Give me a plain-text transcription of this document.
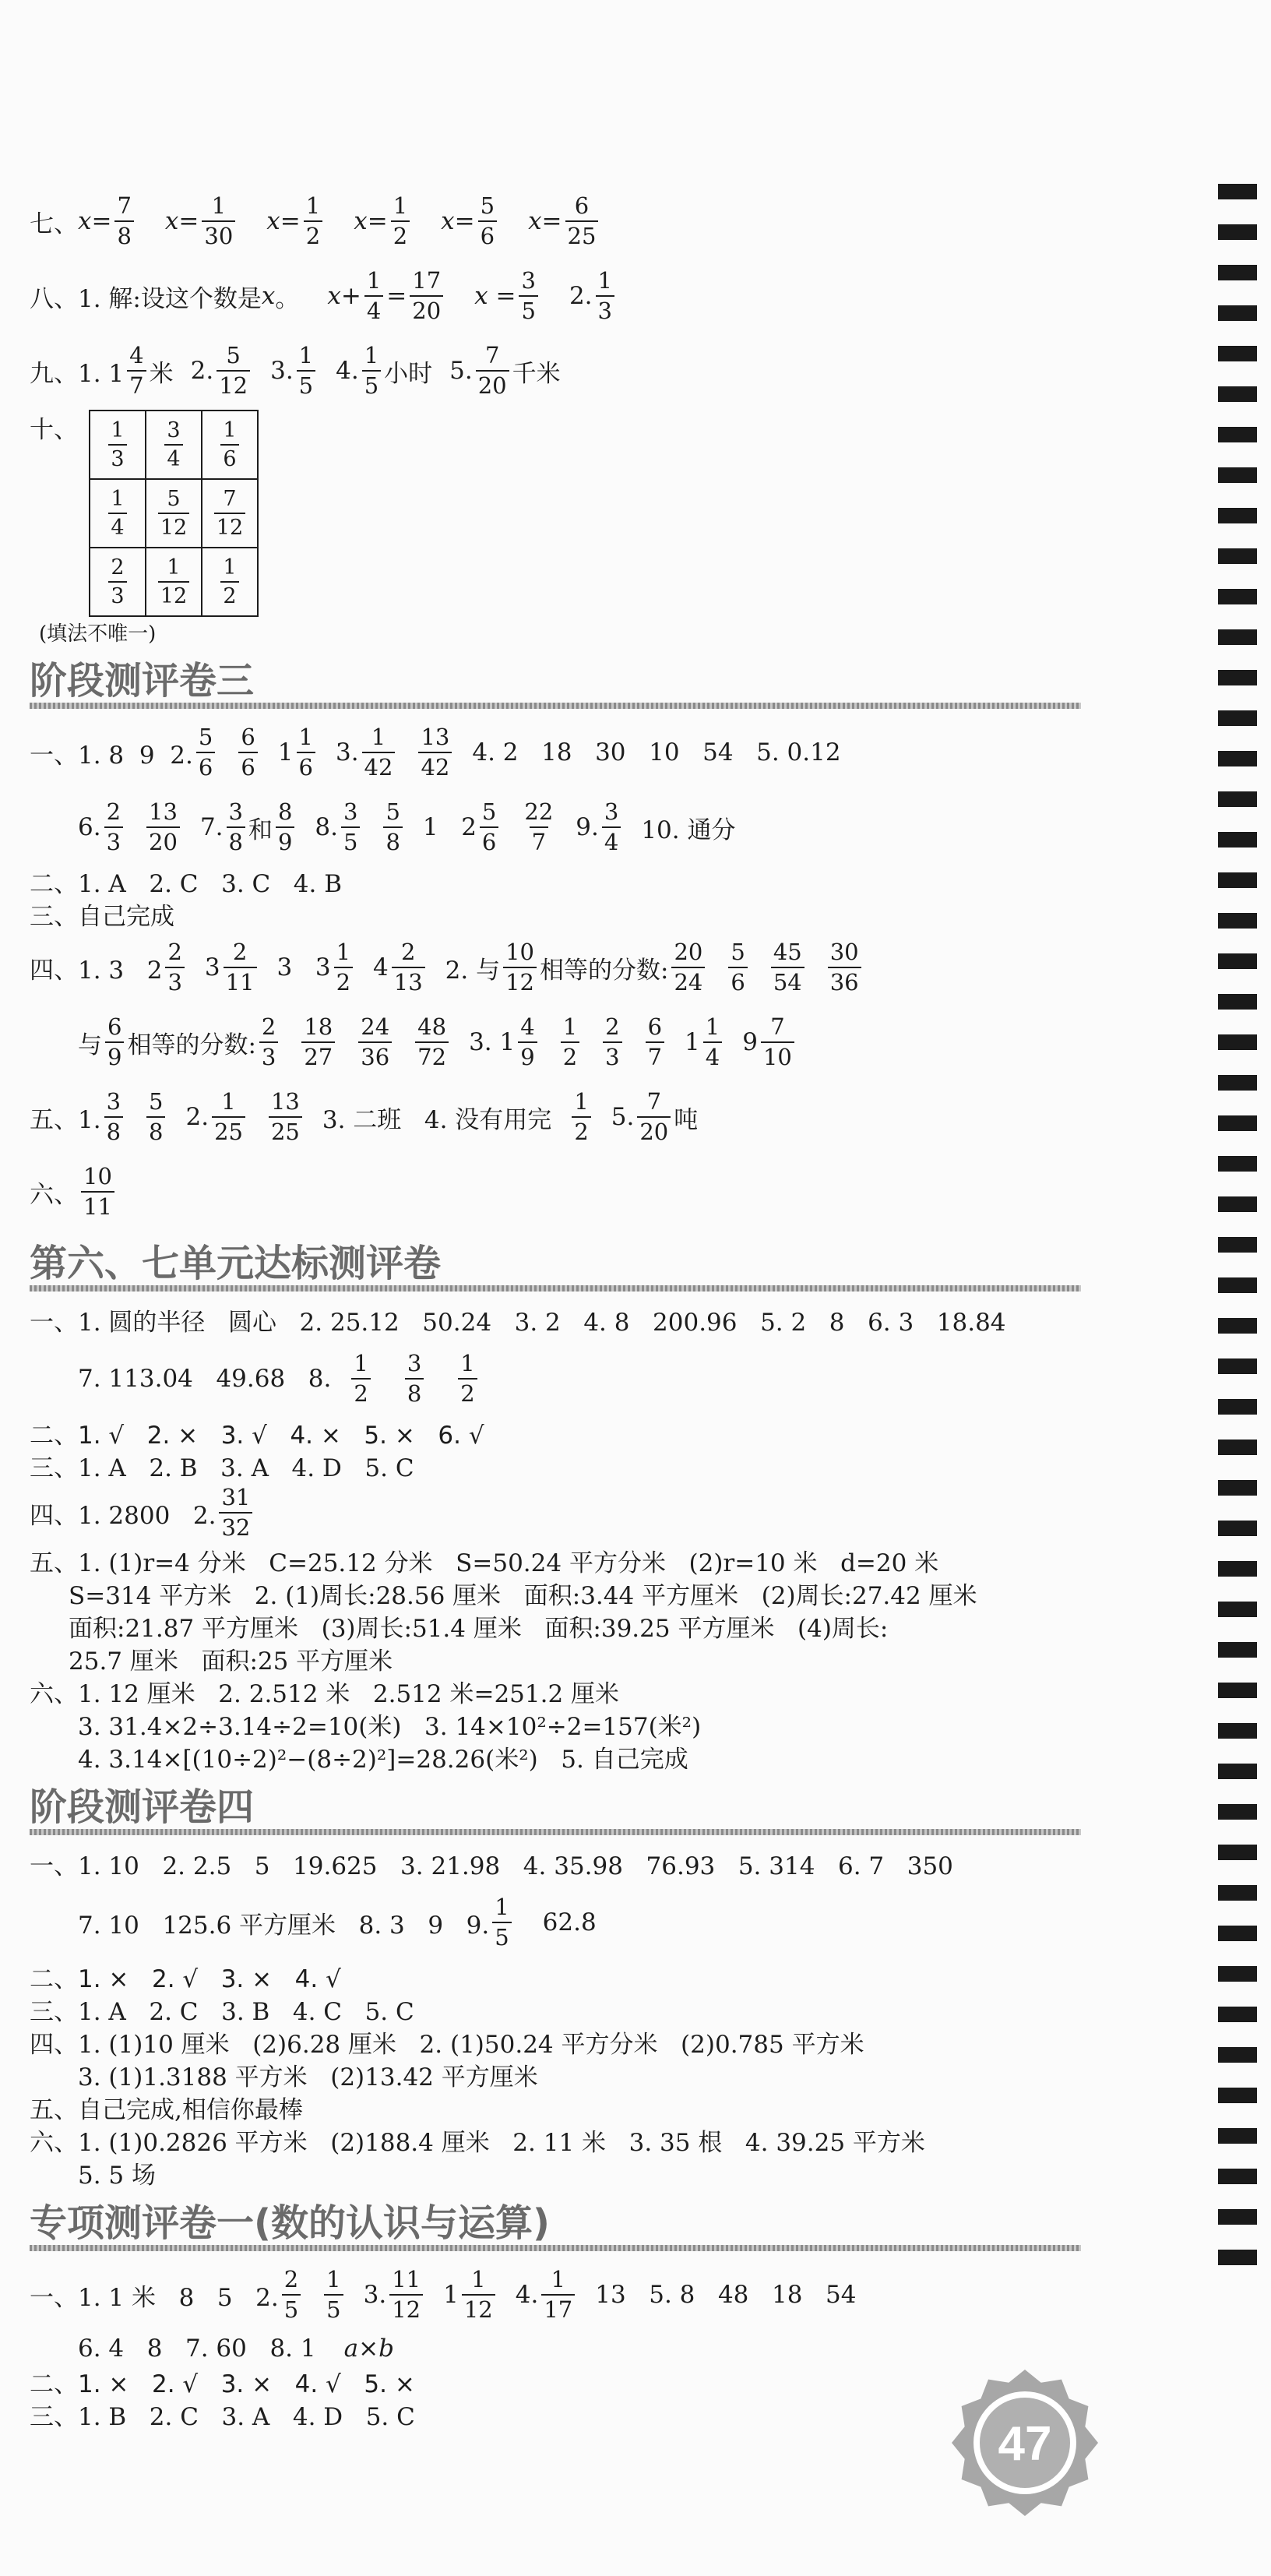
七、 $x = \frac{7}{8}$ $x = \frac{1}{30}$ $x = \frac{1}{2}$ $x = \frac{1}{2}$ $x = \frac{5}{6}$ $x = \frac{6}{25}$
八、1. 解:设这个数是 x 。 $x+ \frac{1}{4} = \frac{17}{20}$ $x = \frac{3}{5} 2$. $\frac{1}{3}$
九、1. $1 \frac{4}{7}$ 米 2. $\frac{5}{12} 3$. $\frac{1}{5} 4$. $\frac{1}{5}$ 小时 5. $\frac{7}{20}$ 千米
十、 $\frac{1}{3}$	$\frac{3}{4}$	$\frac{1}{6}$

$\frac{1}{4}$	$\frac{5}{12}$	$\frac{7}{12}$

$\frac{2}{3}$	$\frac{1}{12}$	$\frac{1}{2}$
(填法不唯一)
阶段测评卷三
一、1. 8  9  2. $\frac{5}{6} \frac{6}{6} 1 \frac{1}{6} 3$. $\frac{1}{42} \frac{13}{42} 4$. 2   18   30   10   54   5. 0.12
6. $\frac{2}{3} \frac{13}{20} 7$. $\frac{3}{8}$ 和 $\frac{8}{9} 8$. $\frac{3}{5} \frac{5}{8} 1$   $2 \frac{5}{6} \frac{22}{7} 9$. $\frac{3}{4} 10$. 通分
二、1. A   2. C   3. C   4. B
三、自己完成
四、1. 3   $2 \frac{2}{3} 3 \frac{2}{11} 3$   $3 \frac{1}{2} 4 \frac{2}{13} 2$. 与 $\frac{10}{12}$ 相等的分数: $\frac{20}{24} \frac{5}{6} \frac{45}{54} \frac{30}{36}$
与 $\frac{6}{9}$ 相等的分数: $\frac{2}{3} \frac{18}{27} \frac{24}{36} \frac{48}{72} 3$. $1 \frac{4}{9} \frac{1}{2} \frac{2}{3} \frac{6}{7} 1 \frac{1}{4} 9 \frac{7}{10}$
五、1. $\frac{3}{8} \frac{5}{8} 2$. $\frac{1}{25} \frac{13}{25} 3$. 二班   4. 没有用完 $\frac{1}{2} 5$. $\frac{7}{20}$ 吨
六、 $\frac{10}{11}$
第六、七单元达标测评卷
一、1. 圆的半径   圆心   2. 25.12   50.24   3. 2   4. 8   200.96   5. 2   8   6. 3   18.84
7. 113.04   49.68   8. $\frac{1}{2} \frac{3}{8} \frac{1}{2}$
二、1. √   2. ×   3. √   4. ×   5. ×   6. √
三、1. A   2. B   3. A   4. D   5. C
四、1. 2800   2. $\frac{31}{32}$
五、1. (1)r=4 分米   C=25.12 分米   S=50.24 平方分米   (2)r=10 米   d=20 米
S=314 平方米   2. (1)周长:28.56 厘米   面积:3.44 平方厘米   (2)周长:27.42 厘米
面积:21.87 平方厘米   (3)周长:51.4 厘米   面积:39.25 平方厘米   (4)周长:
25.7 厘米   面积:25 平方厘米
六、1. 12 厘米   2. 2.512 米   2.512 米=251.2 厘米
3. 31.4×2÷3.14÷2=10(米)   3. 14×10²÷2=157(米²)
4. 3.14×[(10÷2)²−(8÷2)²]=28.26(米²)   5. 自己完成
阶段测评卷四
一、1. 10   2. 2.5   5   19.625   3. 21.98   4. 35.98   76.93   5. 314   6. 7   350
7. 10   125.6 平方厘米   8. 3   9   9. $\frac{1}{5} 62.8$
二、1. ×   2. √   3. ×   4. √
三、1. A   2. C   3. B   4. C   5. C
四、1. (1)10 厘米   (2)6.28 厘米   2. (1)50.24 平方分米   (2)0.785 平方米
3. (1)1.3188 平方米   (2)13.42 平方厘米
五、自己完成,相信你最棒
六、1. (1)0.2826 平方米   (2)188.4 厘米   2. 11 米   3. 35 根   4. 39.25 平方米
5. 5 场
专项测评卷一(数的认识与运算)
一、1. 1 米   8   5   2. $\frac{2}{5} \frac{1}{5} 3$. $\frac{11}{12} 1 \frac{1}{12} 4$. $\frac{1}{17} 13$   5. 8   48   18   54
6. 4   8   7. 60   8. 1 a×b
二、1. ×   2. √   3. ×   4. √   5. ×
三、1. B   2. C   3. A   4. D   5. C
47
